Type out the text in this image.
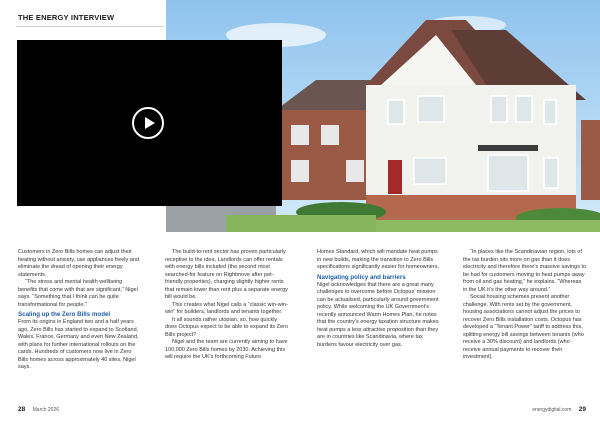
THE ENERGY INTERVIEW

Customers in Zero Bills homes can adjust their heating without anxiety, use appliances freely and eliminate the dread of opening their energy statements.

“The stress and mental health wellbeing benefits that come with that are significant,” Nigel says. “Something that I think can be quite transformational for people.”

Scaling up the Zero Bills model

From its origins in England two and a half years ago, Zero Bills has started to expand to Scotland, Wales, France, Germany and even New Zealand, with plans for further international rollouts on the cards. Hundreds of customers now live in Zero Bills homes across approximately 40 sites, Nigel says.

The build-to-rent sector has proven particularly receptive to the idea. Landlords can offer rentals with energy bills included (the second most searched-for feature on Rightmove after pet-friendly properties), charging slightly higher rents that remain lower than rent plus a separate energy bill would be.

This creates what Nigel calls a “classic win-win-win” for builders, landlords and tenants together.

It all sounds rather utopian, so, how quickly does Octopus expect to be able to expand its Zero Bills project?

Nigel and the team are currently aiming to have 100,000 Zero Bills homes by 2030. Achieving this will require the UK’s forthcoming Future

Homes Standard, which will mandate heat pumps in new builds, making the transition to Zero Bills specifications significantly easier for homeowners.

Navigating policy and barriers

Nigel acknowledges that there are a great many challenges to overcome before Octopus’ mission can be actualised, particularly around government policy. While welcoming the UK Government’s recently announced Warm Homes Plan, he notes that the country’s energy taxation structure makes heat pumps a less attractive proposition than they are in countries like Scandinavia, where tax burdens favour electricity over gas.

“In places like the Scandinavian region, lots of the tax burden sits more on gas than it does electricity and therefore there’s massive savings to be had for customers moving to heat pumps away from oil and gas heating,” he explains. “Whereas in the UK it’s the other way around.”

Social housing schemes present another challenge. With rents set by the government, housing associations cannot adjust the prices to recover Zero Bills installation costs. Octopus has developed a “Tenant Power” tariff to address this, splitting energy bill savings between tenants (who receive a 30% discount) and landlords (who receive annual payments to recover their investment).

28 March 2026	energydigital.com 29
